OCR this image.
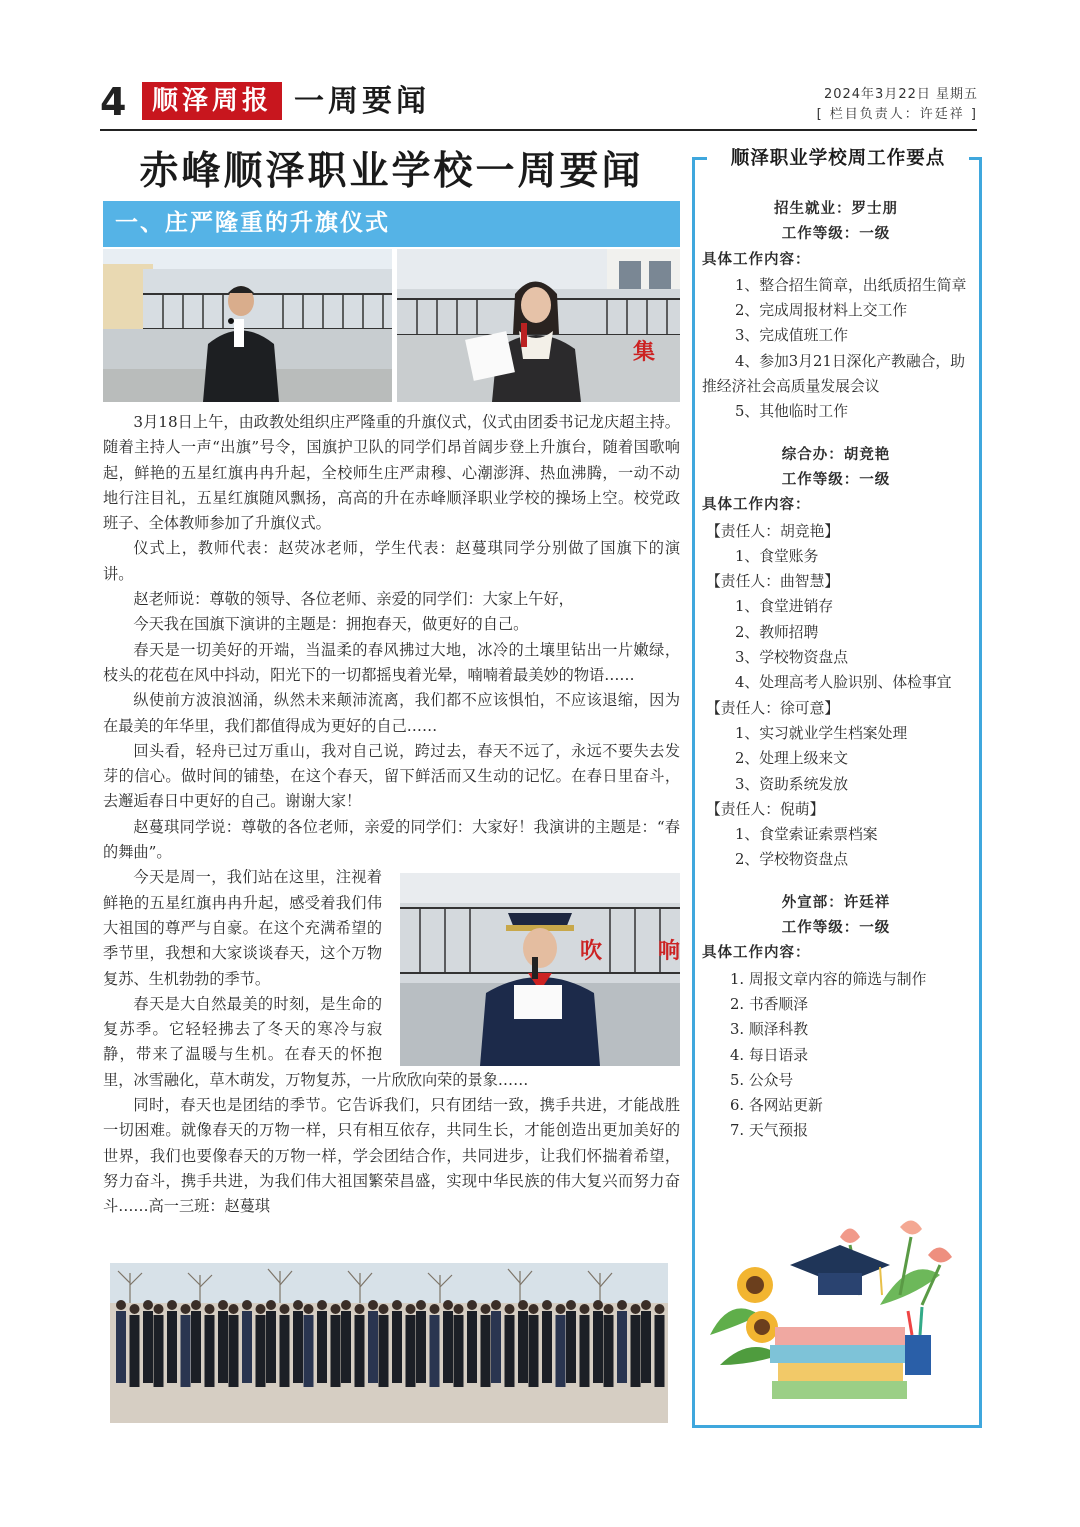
4 顺泽周报 一周要闻	2024年3月22日 星期五
[ 栏目负责人：许廷祥 ]
赤峰顺泽职业学校一周要闻
一、庄严隆重的升旗仪式
集

3月18日上午，由政教处组织庄严隆重的升旗仪式，仪式由团委书记龙庆超主持。随着主持人一声“出旗”号令，国旗护卫队的同学们昂首阔步登上升旗台，随着国歌响起，鲜艳的五星红旗冉冉升起，全校师生庄严肃穆、心潮澎湃、热血沸腾，一动不动地行注目礼，五星红旗随风飘扬，高高的升在赤峰顺泽职业学校的操场上空。校党政班子、全体教师参加了升旗仪式。

仪式上，教师代表：赵荧冰老师，学生代表：赵蔓琪同学分别做了国旗下的演讲。

赵老师说：尊敬的领导、各位老师、亲爱的同学们：大家上午好，

今天我在国旗下演讲的主题是：拥抱春天，做更好的自己。

春天是一切美好的开端，当温柔的春风拂过大地，冰冷的土壤里钻出一片嫩绿，枝头的花苞在风中抖动，阳光下的一切都摇曳着光晕，喃喃着最美妙的物语……

纵使前方波浪汹涌，纵然未来颠沛流离，我们都不应该惧怕，不应该退缩，因为在最美的年华里，我们都值得成为更好的自己……

回头看，轻舟已过万重山，我对自己说，跨过去，春天不远了，永远不要失去发芽的信心。做时间的铺垫，在这个春天，留下鲜活而又生动的记忆。在春日里奋斗，去邂逅春日中更好的自己。谢谢大家！

赵蔓琪同学说：尊敬的各位老师，亲爱的同学们：大家好！我演讲的主题是：“春的舞曲”。

今天是周一，我们站在这里，注视着鲜艳的五星红旗冉冉升起，感受着我们伟大祖国的尊严与自豪。在这个充满希望的季节里，我想和大家谈谈春天，这个万物复苏、生机勃勃的季节。

春天是大自然最美的时刻，是生命的复苏季。它轻轻拂去了冬天的寒冷与寂静，带来了温暖与生机。在春天的怀抱里，冰雪融化，草木萌发，万物复苏，一片欣欣向荣的景象……

同时，春天也是团结的季节。它告诉我们，只有团结一致，携手共进，才能战胜一切困难。就像春天的万物一样，只有相互依存，共同生长，才能创造出更加美好的世界，我们也要像春天的万物一样，学会团结合作，共同进步，让我们怀揣着希望，努力奋斗，携手共进，为我们伟大祖国繁荣昌盛，实现中华民族的伟大复兴而努力奋斗……高一三班：赵蔓琪

吹	响
顺泽职业学校周工作要点
招生就业：罗士朋
工作等级：一级
具体工作内容：
1、整合招生简章，出纸质招生简章
2、完成周报材料上交工作
3、完成值班工作
4、参加3月21日深化产教融合，助推经济社会高质量发展会议
5、其他临时工作
综合办：胡竞艳
工作等级：一级
具体工作内容：
【责任人：胡竞艳】
1、食堂账务
【责任人：曲智慧】
1、食堂进销存
2、教师招聘
3、学校物资盘点
4、处理高考人脸识别、体检事宜
【责任人：徐可意】
1、实习就业学生档案处理
2、处理上级来文
3、资助系统发放
【责任人：倪萌】
1、食堂索证索票档案
2、学校物资盘点
外宣部：许廷祥
工作等级：一级
具体工作内容：
1. 周报文章内容的筛选与制作
2. 书香顺泽
3. 顺泽科教
4. 每日语录
5. 公众号
6. 各网站更新
7. 天气预报
